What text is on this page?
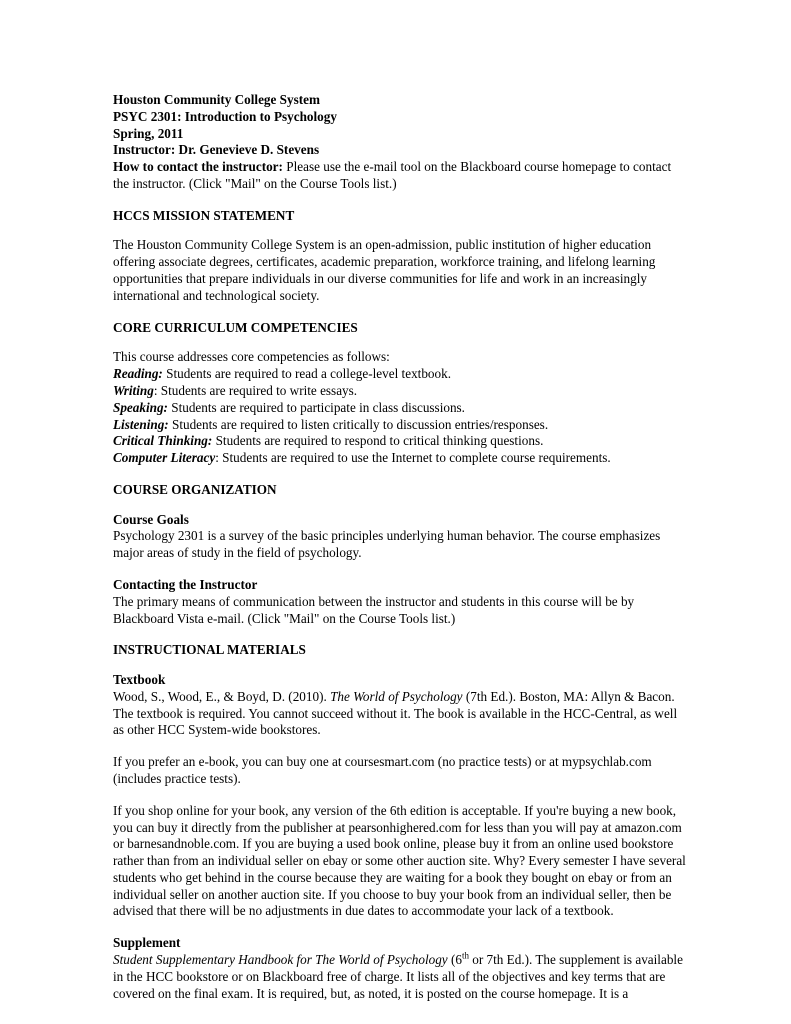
Houston Community College System

PSYC 2301: Introduction to Psychology

Spring, 2011

Instructor: Dr. Genevieve D. Stevens

How to contact the instructor: Please use the e-mail tool on the Blackboard course homepage to contact the instructor. (Click "Mail" on the Course Tools list.)

HCCS MISSION STATEMENT

The Houston Community College System is an open-admission, public institution of higher education offering associate degrees, certificates, academic preparation, workforce training, and lifelong learning opportunities that prepare individuals in our diverse communities for life and work in an increasingly international and technological society.

CORE CURRICULUM COMPETENCIES

This course addresses core competencies as follows:

Reading: Students are required to read a college-level textbook.

Writing: Students are required to write essays.

Speaking: Students are required to participate in class discussions.

Listening: Students are required to listen critically to discussion entries/responses.

Critical Thinking: Students are required to respond to critical thinking questions.

Computer Literacy: Students are required to use the Internet to complete course requirements.

COURSE ORGANIZATION

Course Goals

Psychology 2301 is a survey of the basic principles underlying human behavior. The course emphasizes major areas of study in the field of psychology.

Contacting the Instructor

The primary means of communication between the instructor and students in this course will be by Blackboard Vista e-mail. (Click "Mail" on the Course Tools list.)

INSTRUCTIONAL MATERIALS

Textbook

Wood, S., Wood, E., & Boyd, D. (2010). The World of Psychology (7th Ed.). Boston, MA: Allyn & Bacon. The textbook is required. You cannot succeed without it. The book is available in the HCC-Central, as well as other HCC System-wide bookstores.

If you prefer an e-book, you can buy one at coursesmart.com (no practice tests) or at mypsychlab.com (includes practice tests).

If you shop online for your book, any version of the 6th edition is acceptable. If you're buying a new book, you can buy it directly from the publisher at pearsonhighered.com for less than you will pay at amazon.com or barnesandnoble.com. If you are buying a used book online, please buy it from an online used bookstore rather than from an individual seller on ebay or some other auction site. Why? Every semester I have several students who get behind in the course because they are waiting for a book they bought on ebay or from an individual seller on another auction site. If you choose to buy your book from an individual seller, then be advised that there will be no adjustments in due dates to accommodate your lack of a textbook.

Supplement

Student Supplementary Handbook for The World of Psychology (6th or 7th Ed.). The supplement is available in the HCC bookstore or on Blackboard free of charge. It lists all of the objectives and key terms that are covered on the final exam. It is required, but, as noted, it is posted on the course homepage. It is a
